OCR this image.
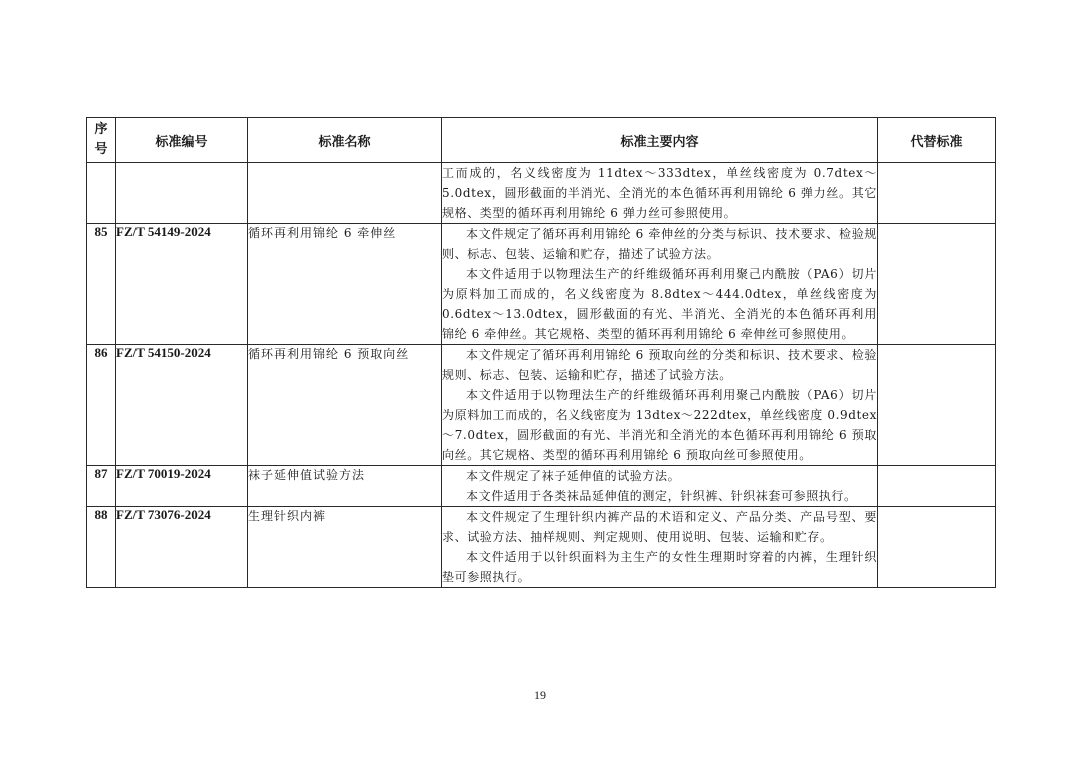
序号	标准编号	标准名称	标准主要内容	代替标准

			工而成的，名义线密度为 11dtex～333dtex，单丝线密度为 0.7dtex～5.0dtex，圆形截面的半消光、全消光的本色循环再利用锦纶 6 弹力丝。其它规格、类型的循环再利用锦纶 6 弹力丝可参照使用。	

85	FZ/T 54149-2024	循环再利用锦纶 6 牵伸丝	本文件规定了循环再利用锦纶 6 牵伸丝的分类与标识、技术要求、检验规则、标志、包装、运输和贮存，描述了试验方法。

本文件适用于以物理法生产的纤维级循环再利用聚己内酰胺（PA6）切片为原料加工而成的，名义线密度为 8.8dtex～444.0dtex，单丝线密度为 0.6dtex～13.0dtex，圆形截面的有光、半消光、全消光的本色循环再利用锦纶 6 牵伸丝。其它规格、类型的循环再利用锦纶 6 牵伸丝可参照使用。	

86	FZ/T 54150-2024	循环再利用锦纶 6 预取向丝	本文件规定了循环再利用锦纶 6 预取向丝的分类和标识、技术要求、检验规则、标志、包装、运输和贮存，描述了试验方法。

本文件适用于以物理法生产的纤维级循环再利用聚己内酰胺（PA6）切片为原料加工而成的，名义线密度为 13dtex～222dtex，单丝线密度 0.9dtex～7.0dtex，圆形截面的有光、半消光和全消光的本色循环再利用锦纶 6 预取向丝。其它规格、类型的循环再利用锦纶 6 预取向丝可参照使用。	

87	FZ/T 70019-2024	袜子延伸值试验方法	本文件规定了袜子延伸值的试验方法。

本文件适用于各类袜品延伸值的测定，针织裤、针织袜套可参照执行。	

88	FZ/T 73076-2024	生理针织内裤	本文件规定了生理针织内裤产品的术语和定义、产品分类、产品号型、要求、试验方法、抽样规则、判定规则、使用说明、包装、运输和贮存。

本文件适用于以针织面料为主生产的女性生理期时穿着的内裤，生理针织垫可参照执行。	

19
